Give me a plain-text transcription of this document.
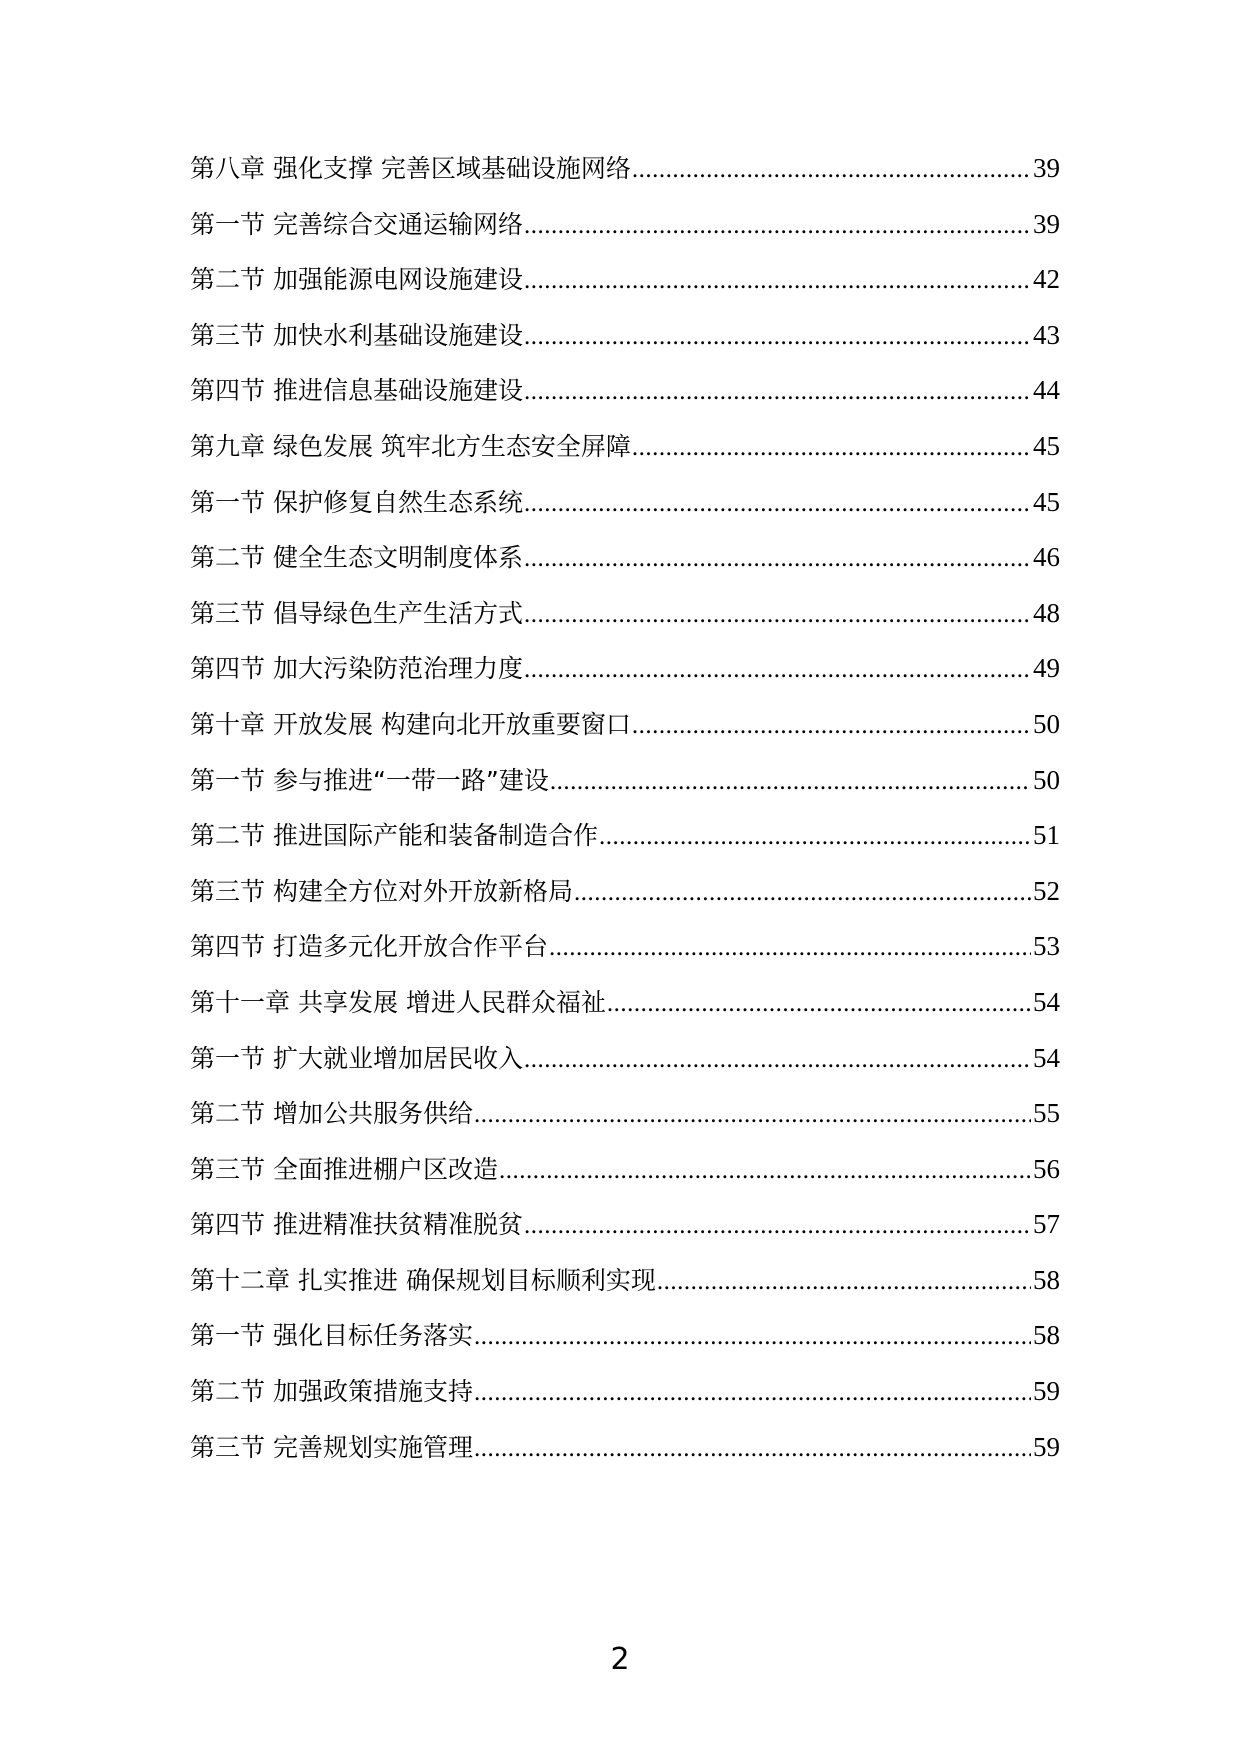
第八章 强化支撑 完善区域基础设施网络 .....	39
第一节 完善综合交通运输网络 .....	39
第二节 加强能源电网设施建设 .....	42
第三节 加快水利基础设施建设 .....	43
第四节 推进信息基础设施建设 .....	44
第九章 绿色发展 筑牢北方生态安全屏障 .....	45
第一节 保护修复自然生态系统 .....	45
第二节 健全生态文明制度体系 .....	46
第三节 倡导绿色生产生活方式 .....	48
第四节 加大污染防范治理力度 .....	49
第十章 开放发展 构建向北开放重要窗口 .....	50
第一节 参与推进“一带一路”建设 .....	50
第二节 推进国际产能和装备制造合作 .....	51
第三节 构建全方位对外开放新格局 .....	52
第四节 打造多元化开放合作平台 .....	53
第十一章 共享发展 增进人民群众福祉 .....	54
第一节 扩大就业增加居民收入 .....	54
第二节 增加公共服务供给 .....	55
第三节 全面推进棚户区改造 .....	56
第四节 推进精准扶贫精准脱贫 .....	57
第十二章 扎实推进 确保规划目标顺利实现 .....	58
第一节 强化目标任务落实 .....	58
第二节 加强政策措施支持 .....	59
第三节 完善规划实施管理 .....	59
2
